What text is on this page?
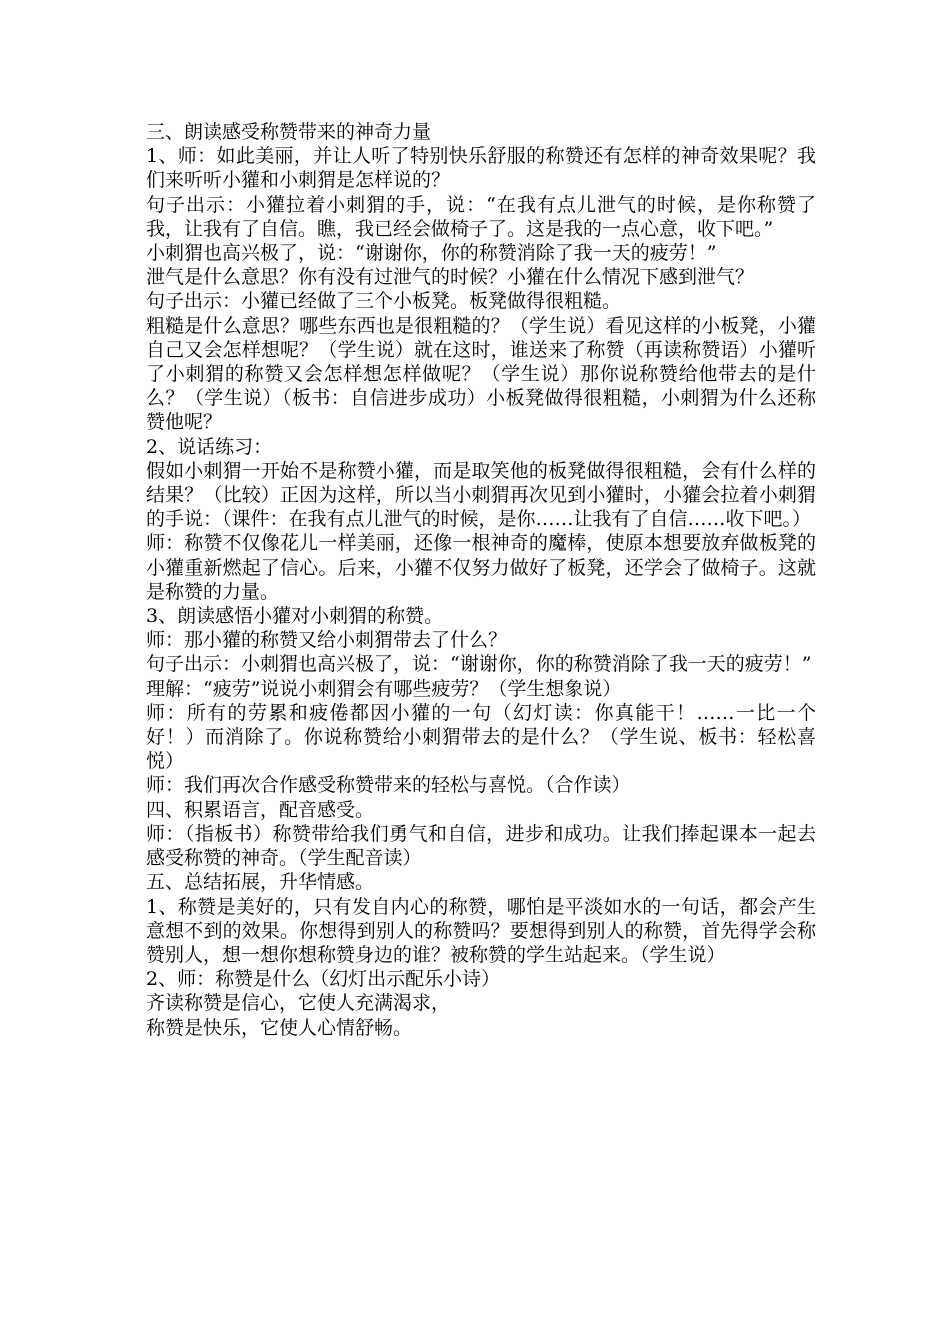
三、朗读感受称赞带来的神奇力量

1、师：如此美丽，并让人听了特别快乐舒服的称赞还有怎样的神奇效果呢？我们来听听小獾和小刺猬是怎样说的？

句子出示：小獾拉着小刺猬的手，说：“在我有点儿泄气的时候，是你称赞了我，让我有了自信。瞧，我已经会做椅子了。这是我的一点心意，收下吧。”

小刺猬也高兴极了，说：“谢谢你，你的称赞消除了我一天的疲劳！”

泄气是什么意思？你有没有过泄气的时候？小獾在什么情况下感到泄气？

句子出示：小獾已经做了三个小板凳。板凳做得很粗糙。

粗糙是什么意思？哪些东西也是很粗糙的？（学生说）看见这样的小板凳，小獾自己又会怎样想呢？（学生说）就在这时，谁送来了称赞（再读称赞语）小獾听了小刺猬的称赞又会怎样想怎样做呢？（学生说）那你说称赞给他带去的是什么？（学生说）（板书：自信进步成功）小板凳做得很粗糙，小刺猬为什么还称赞他呢？

2、说话练习：

假如小刺猬一开始不是称赞小獾，而是取笑他的板凳做得很粗糙，会有什么样的结果？（比较）正因为这样，所以当小刺猬再次见到小獾时，小獾会拉着小刺猬的手说：（课件：在我有点儿泄气的时候，是你……让我有了自信……收下吧。）

师：称赞不仅像花儿一样美丽，还像一根神奇的魔棒，使原本想要放弃做板凳的小獾重新燃起了信心。后来，小獾不仅努力做好了板凳，还学会了做椅子。这就是称赞的力量。

3、朗读感悟小獾对小刺猬的称赞。

师：那小獾的称赞又给小刺猬带去了什么？

句子出示：小刺猬也高兴极了，说：“谢谢你，你的称赞消除了我一天的疲劳！”

理解：“疲劳”说说小刺猬会有哪些疲劳？（学生想象说）

师：所有的劳累和疲倦都因小獾的一句（幻灯读：你真能干！……一比一个好！）而消除了。你说称赞给小刺猬带去的是什么？（学生说、板书：轻松喜悦）

师：我们再次合作感受称赞带来的轻松与喜悦。（合作读）

四、积累语言，配音感受。

师：（指板书）称赞带给我们勇气和自信，进步和成功。让我们捧起课本一起去感受称赞的神奇。（学生配音读）

五、总结拓展，升华情感。

1、称赞是美好的，只有发自内心的称赞，哪怕是平淡如水的一句话，都会产生意想不到的效果。你想得到别人的称赞吗？要想得到别人的称赞，首先得学会称赞别人，想一想你想称赞身边的谁？被称赞的学生站起来。（学生说）

2、师：称赞是什么（幻灯出示配乐小诗）

齐读称赞是信心，它使人充满渴求，

称赞是快乐，它使人心情舒畅。
